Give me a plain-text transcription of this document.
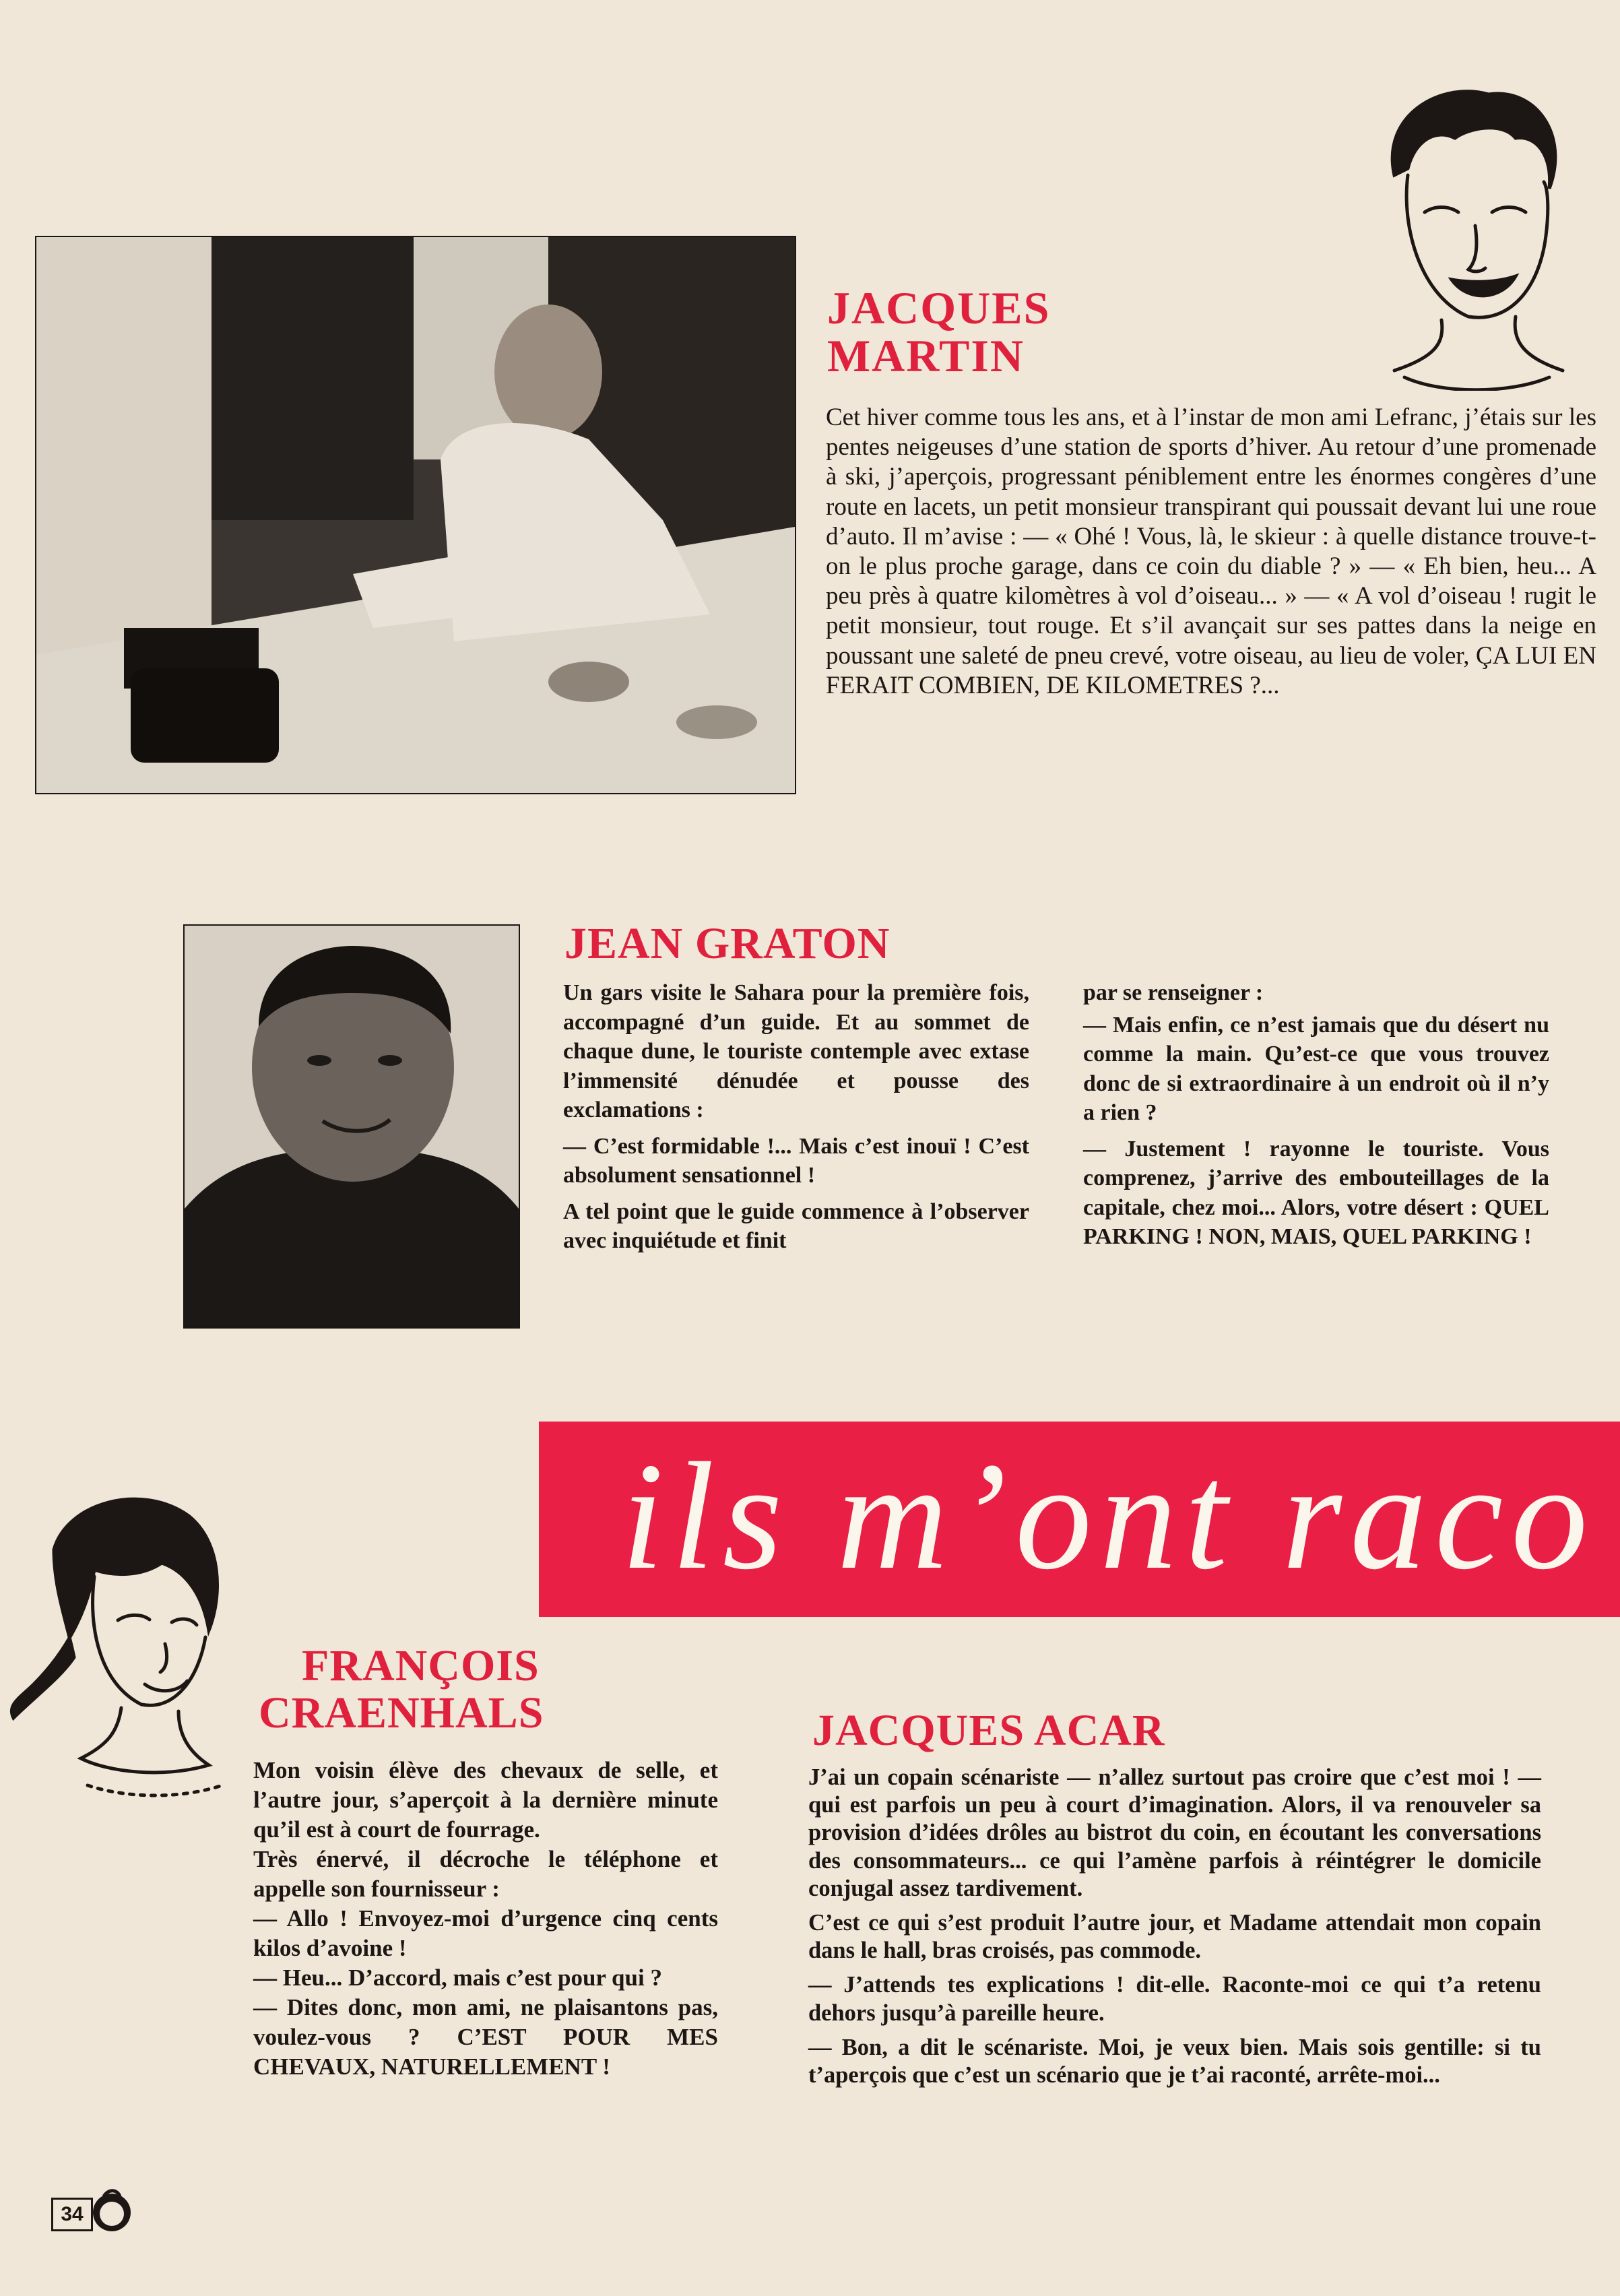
JACQUES
MARTIN

Cet hiver comme tous les ans, et à l’instar de mon ami Lefranc, j’étais sur les pentes neigeuses d’une station de sports d’hiver. Au retour d’une promenade à ski, j’aperçois, progressant péniblement entre les énormes congères d’une route en lacets, un petit monsieur transpirant qui poussait devant lui une roue d’auto. Il m’avise : — « Ohé ! Vous, là, le skieur : à quelle distance trouve-t-on le plus proche garage, dans ce coin du diable ? » — « Eh bien, heu... A peu près à quatre kilomètres à vol d’oiseau... » — « A vol d’oiseau ! rugit le petit monsieur, tout rouge. Et s’il avançait sur ses pattes dans la neige en poussant une saleté de pneu crevé, votre oiseau, au lieu de voler, ÇA LUI EN FERAIT COMBIEN, DE KILOMETRES ?...

JEAN GRATON

Un gars visite le Sahara pour la première fois, accompagné d’un guide. Et au sommet de chaque dune, le touriste contemple avec extase l’immensité dénudée et pousse des exclamations :

— C’est formidable !... Mais c’est inouï ! C’est absolument sensationnel !

A tel point que le guide commence à l’observer avec inquiétude et finit

par se renseigner :

— Mais enfin, ce n’est jamais que du désert nu comme la main. Qu’est-ce que vous trouvez donc de si extraordinaire à un endroit où il n’y a rien ?

— Justement ! rayonne le touriste. Vous comprenez, j’arrive des embouteillages de la capitale, chez moi... Alors, votre désert : QUEL PARKING ! NON, MAIS, QUEL PARKING !

ils m’ont raco
FRANÇOIS
CRAENHALS

Mon voisin élève des chevaux de selle, et l’autre jour, s’aperçoit à la dernière minute qu’il est à court de fourrage.

Très énervé, il décroche le téléphone et appelle son fournisseur :

— Allo ! Envoyez-moi d’urgence cinq cents kilos d’avoine !

— Heu... D’accord, mais c’est pour qui ?

— Dites donc, mon ami, ne plaisantons pas, voulez-vous ? C’EST POUR MES CHEVAUX, NATURELLEMENT !

JACQUES ACAR

J’ai un copain scénariste — n’allez surtout pas croire que c’est moi ! — qui est parfois un peu à court d’imagination. Alors, il va renouveler sa provision d’idées drôles au bistrot du coin, en écoutant les conversations des consommateurs... ce qui l’amène parfois à réintégrer le domicile conjugal assez tardivement.

C’est ce qui s’est produit l’autre jour, et Madame attendait mon copain dans le hall, bras croisés, pas commode.

— J’attends tes explications ! dit-elle. Raconte-moi ce qui t’a retenu dehors jusqu’à pareille heure.

— Bon, a dit le scénariste. Moi, je veux bien. Mais sois gentille: si tu t’aperçois que c’est un scénario que je t’ai raconté, arrête-moi...

34
